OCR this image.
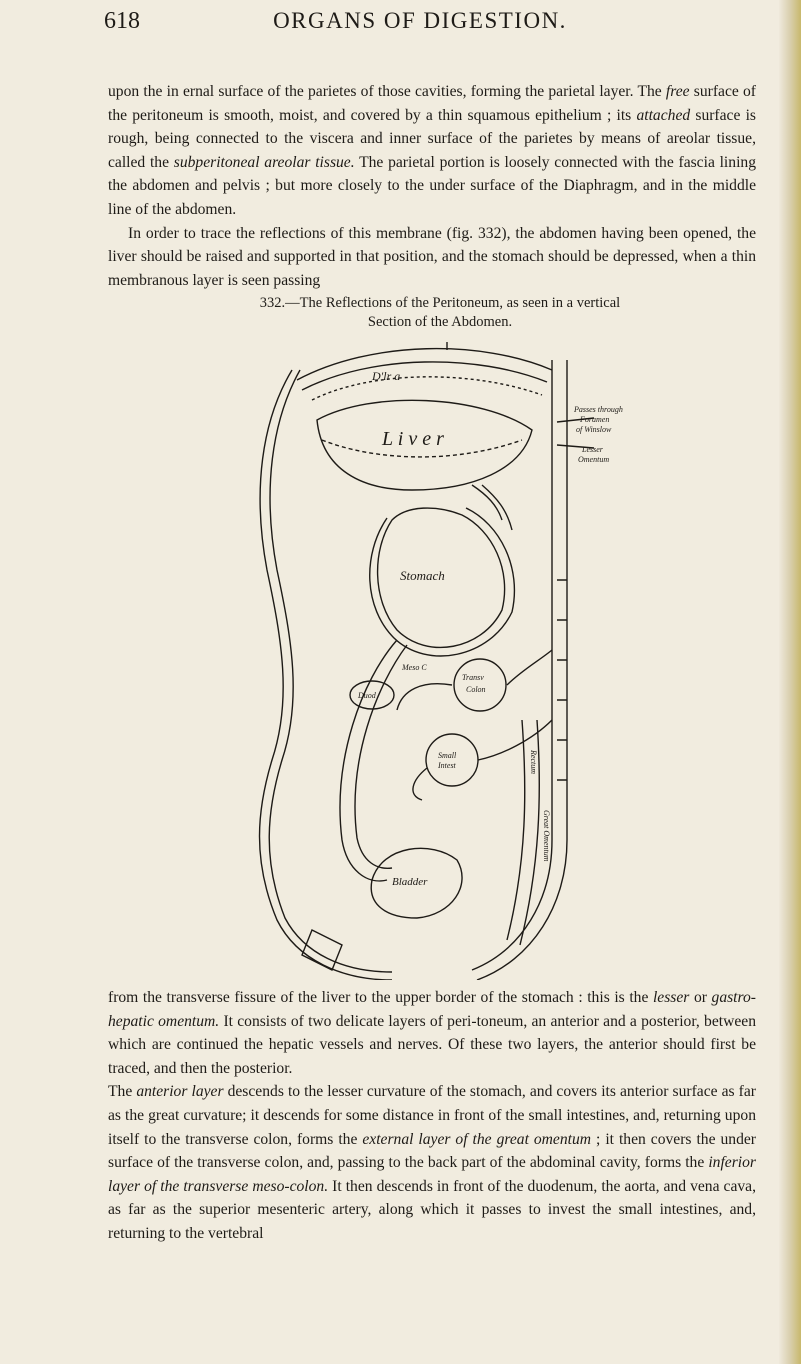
618	ORGANS OF DIGESTION.

upon the in ernal surface of the parietes of those cavities, forming the parietal layer. The free surface of the peritoneum is smooth, moist, and covered by a thin squamous epithelium ; its attached surface is rough, being connected to the viscera and inner surface of the parietes by means of areolar tissue, called the subperitoneal areolar tissue. The parietal portion is loosely connected with the fascia lining the abdomen and pelvis ; but more closely to the under surface of the Diaphragm, and in the middle line of the abdomen.

In order to trace the reflections of this membrane (fig. 332), the abdomen having been opened, the liver should be raised and supported in that position, and the stomach should be depressed, when a thin membranous layer is seen passing

332.—The Reflections of the Peritoneum, as seen in a vertical
Section of the Abdomen.
D'lr a
L i v e r
Stomach
Passes through
Foramen
of Winslow
Lesser
Omentum
Transv
Colon
Meso C
Duod
Small
Intest
Bladder
Rectum
Great Omentum

from the transverse fissure of the liver to the upper border of the stomach : this is the lesser or gastro-hepatic omentum. It consists of two delicate layers of peri-toneum, an anterior and a posterior, between which are continued the hepatic vessels and nerves. Of these two layers, the anterior should first be traced, and then the posterior.

The anterior layer descends to the lesser curvature of the stomach, and covers its anterior surface as far as the great curvature; it descends for some distance in front of the small intestines, and, returning upon itself to the transverse colon, forms the external layer of the great omentum ; it then covers the under surface of the transverse colon, and, passing to the back part of the abdominal cavity, forms the inferior layer of the transverse meso-colon. It then descends in front of the duodenum, the aorta, and vena cava, as far as the superior mesenteric artery, along which it passes to invest the small intestines, and, returning to the vertebral
